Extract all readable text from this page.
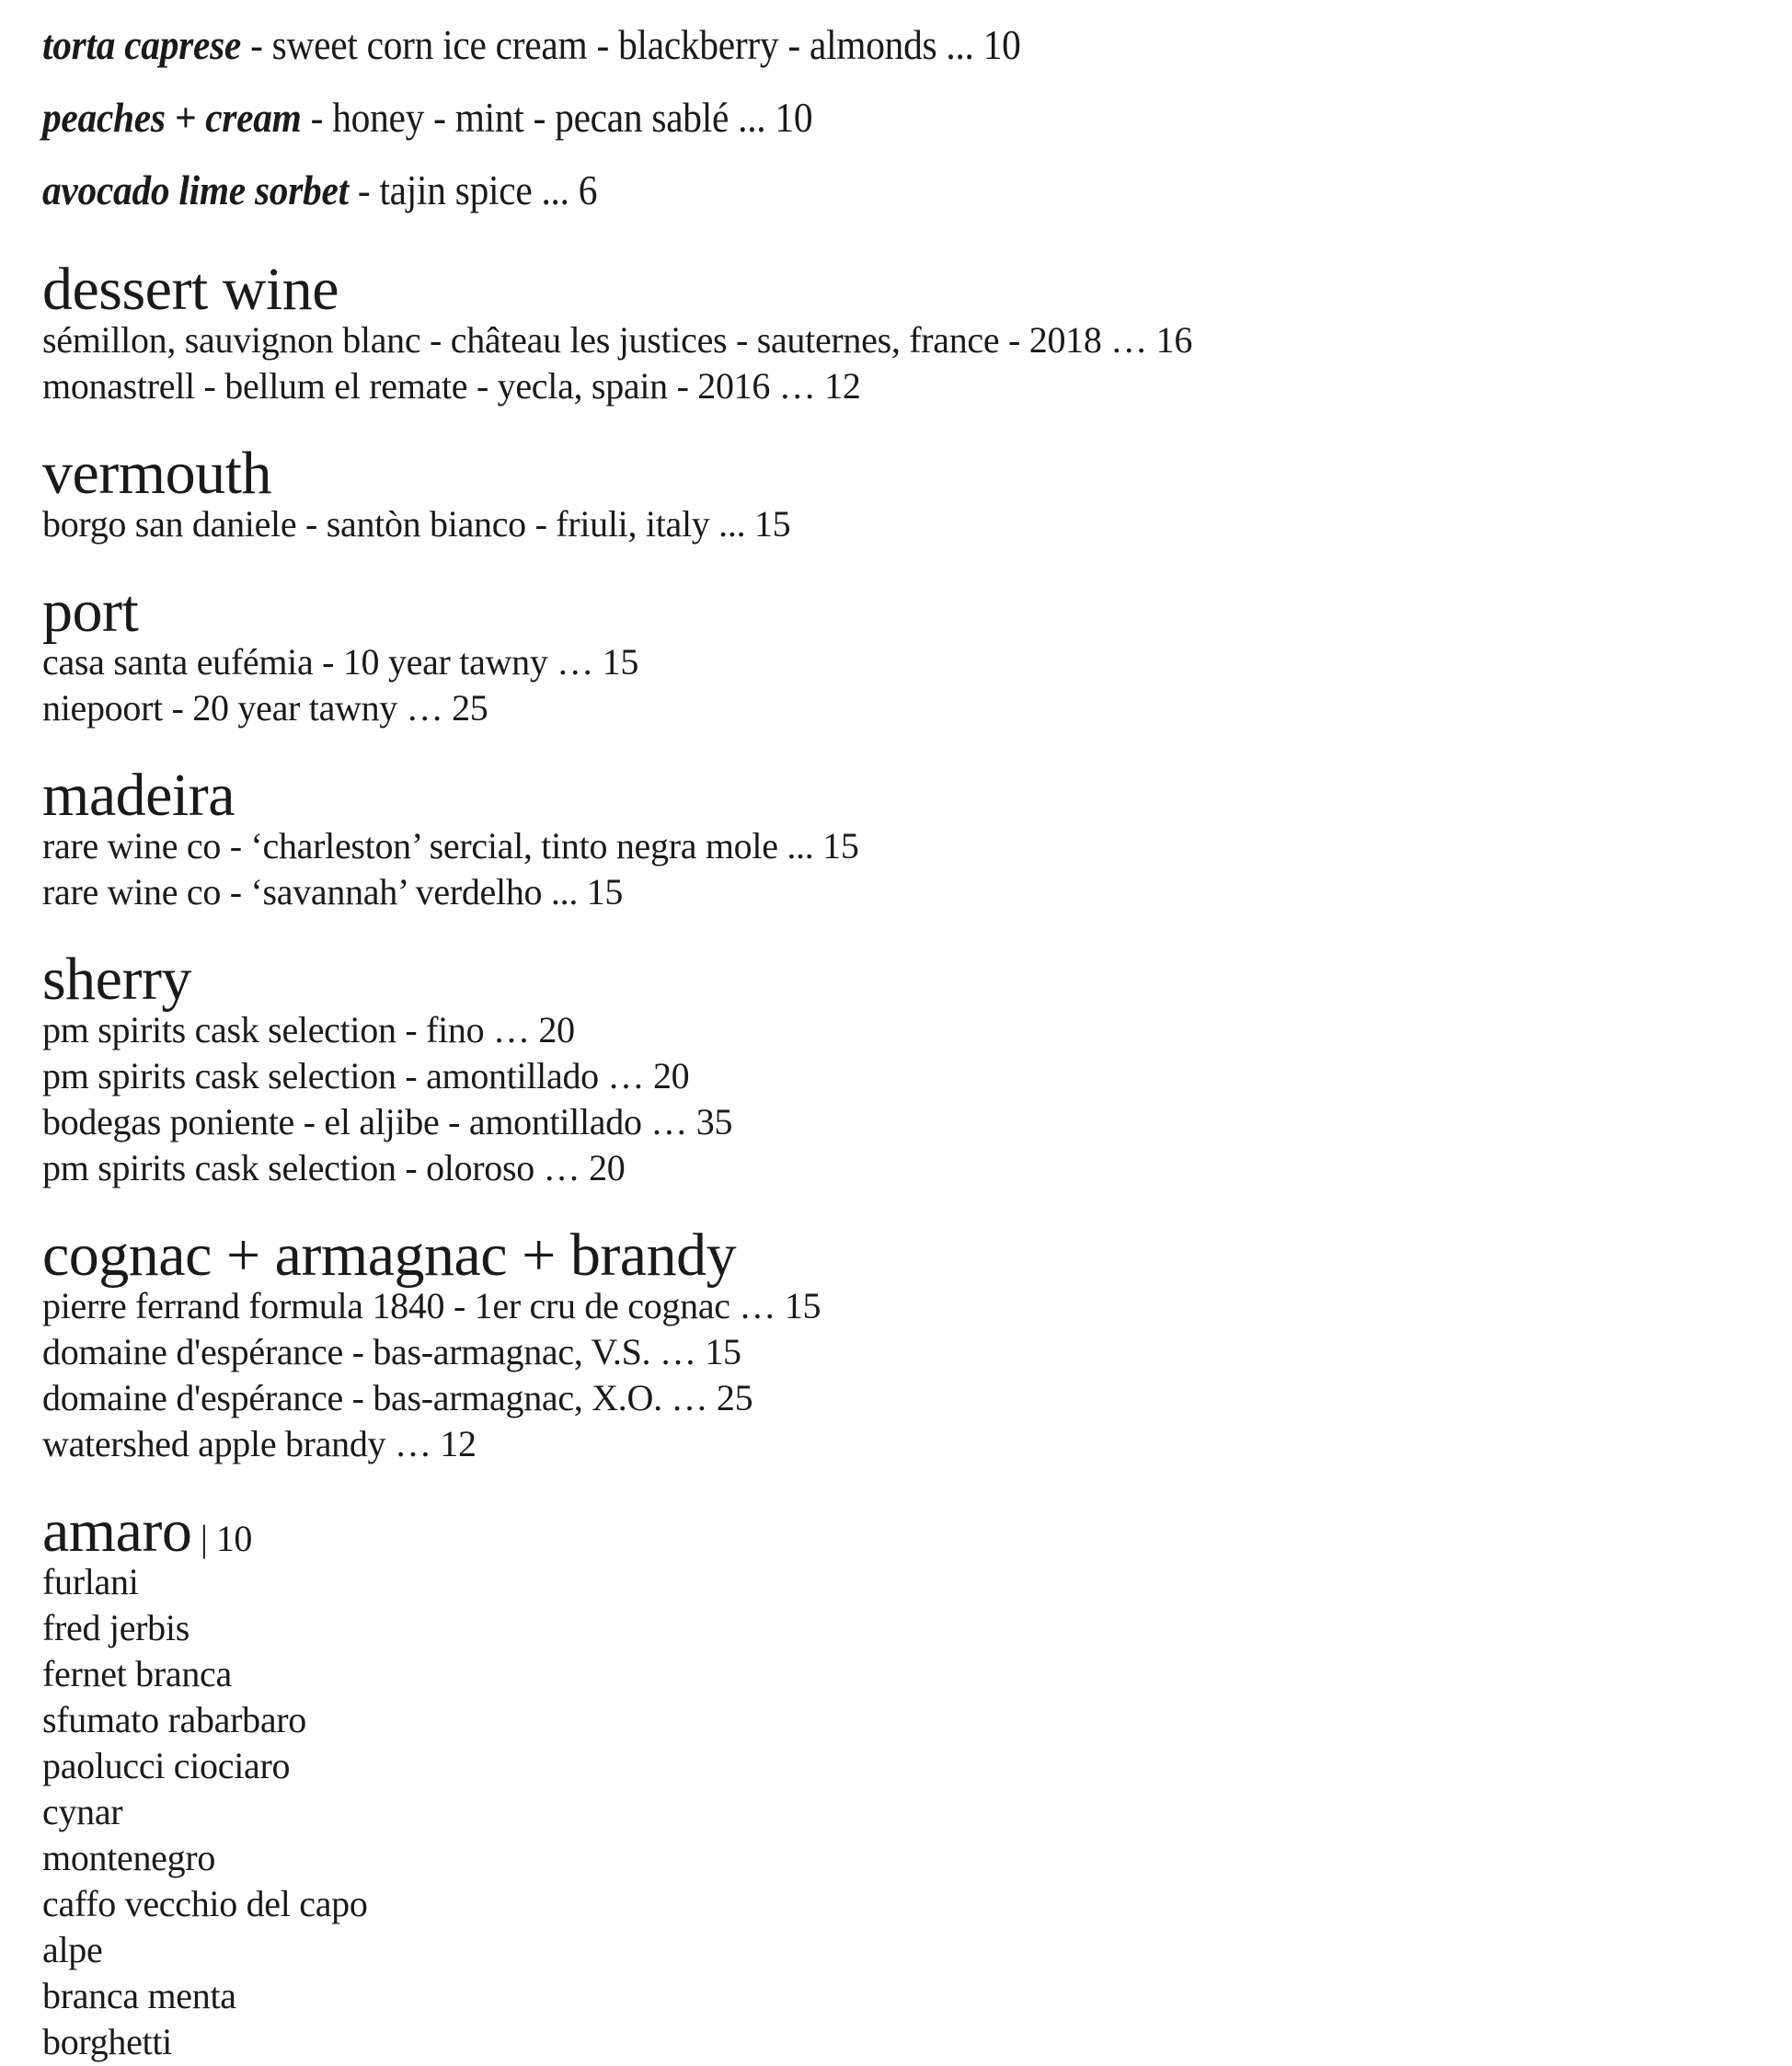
torta caprese - sweet corn ice cream - blackberry - almonds ... 10
peaches + cream - honey - mint - pecan sablé ... 10
avocado lime sorbet - tajin spice ... 6
dessert wine
sémillon, sauvignon blanc - château les justices - sauternes, france - 2018 … 16
monastrell - bellum el remate - yecla, spain - 2016 … 12
vermouth
borgo san daniele - santòn bianco - friuli, italy ... 15
port
casa santa eufémia - 10 year tawny … 15
niepoort - 20 year tawny … 25
madeira
rare wine co - ‘charleston’ sercial, tinto negra mole ... 15
rare wine co - ‘savannah’ verdelho ... 15
sherry
pm spirits cask selection - fino … 20
pm spirits cask selection - amontillado … 20
bodegas poniente - el aljibe - amontillado … 35
pm spirits cask selection - oloroso … 20
cognac + armagnac + brandy
pierre ferrand formula 1840 - 1er cru de cognac … 15
domaine d'espérance - bas-armagnac, V.S. … 15
domaine d'espérance - bas-armagnac, X.O. … 25
watershed apple brandy … 12
amaro | 10
furlani
fred jerbis
fernet branca
sfumato rabarbaro
paolucci ciociaro
cynar
montenegro
caffo vecchio del capo
alpe
branca menta
borghetti
